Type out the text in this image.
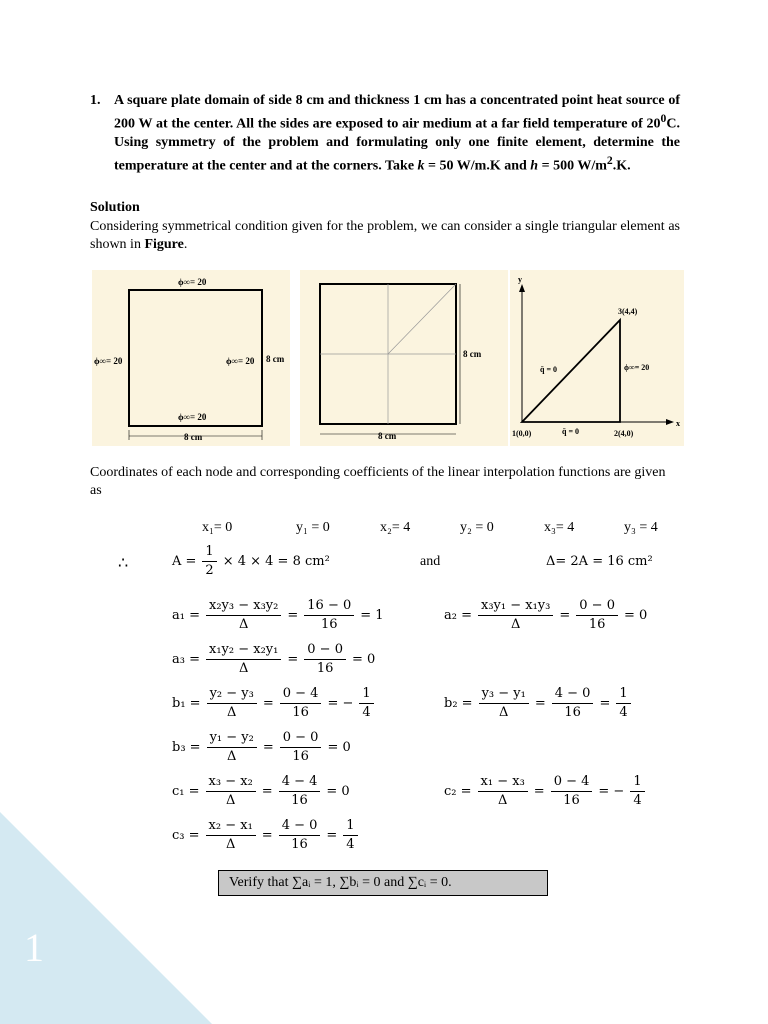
1
1. A square plate domain of side 8 cm and thickness 1 cm has a concentrated point heat source of 200 W at the center. All the sides are exposed to air medium at a far field temperature of $20^0C$. Using symmetry of the problem and formulating only one finite element, determine the temperature at the center and at the corners. Take k = 50 W/m.K and h = 500 $W/m^2.K$.
Solution
Considering symmetrical condition given for the problem, we can consider a single triangular element as shown in Figure.
ϕ∞= 20
ϕ∞= 20	ϕ∞= 20
ϕ∞= 20
8 cm
8 cm
8 cm
8 cm
y
x
3(4,4)
q̄ = 0	ϕ∞= 20
1(0,0)	q̄ = 0	2(4,0)
Coordinates of each node and corresponding coefficients of the linear interpolation functions are given as
x₁= 0	y₁ = 0	x₂= 4	y₂ = 0	x₃= 4	y₃ = 4
∴	$A = \frac{1}{2} \times 4 \times 4 = 8$ cm²	and	Δ= 2A = 16 cm²
$a_1 = \frac{\text{x₂y₃ − x₃y₂}}{\Delta} = \frac{16 - 0}{16} = 1$	$a_2 = \frac{\text{x₃y₁ − x₁y₃}}{\Delta} = \frac{0 - 0}{16} = 0$
$a_3 = \frac{\text{x₁y₂ − x₂y₁}}{\Delta} = \frac{0 - 0}{16} = 0$
$b_1 = \frac{\text{y₂ − y₃}}{\Delta} = \frac{0 - 4}{16}$ = − $\frac{1}{4}$	$b_2 = \frac{\text{y₃ − y₁}}{\Delta} = \frac{4 - 0}{16} = \frac{1}{4}$
$b_3 = \frac{\text{y₁ − y₂}}{\Delta} = \frac{0 - 0}{16} = 0$
$c_1 = \frac{\text{x₃ − x₂}}{\Delta} = \frac{4 - 4}{16} = 0$	$c_2 = \frac{\text{x₁ − x₃}}{\Delta} = \frac{0 - 4}{16}$ = − $\frac{1}{4}$
$c_3 = \frac{\text{x₂ − x₁}}{\Delta} = \frac{4 - 0}{16} = \frac{1}{4}$
Verify that ∑aᵢ = 1, ∑bᵢ = 0 and ∑cᵢ = 0.
